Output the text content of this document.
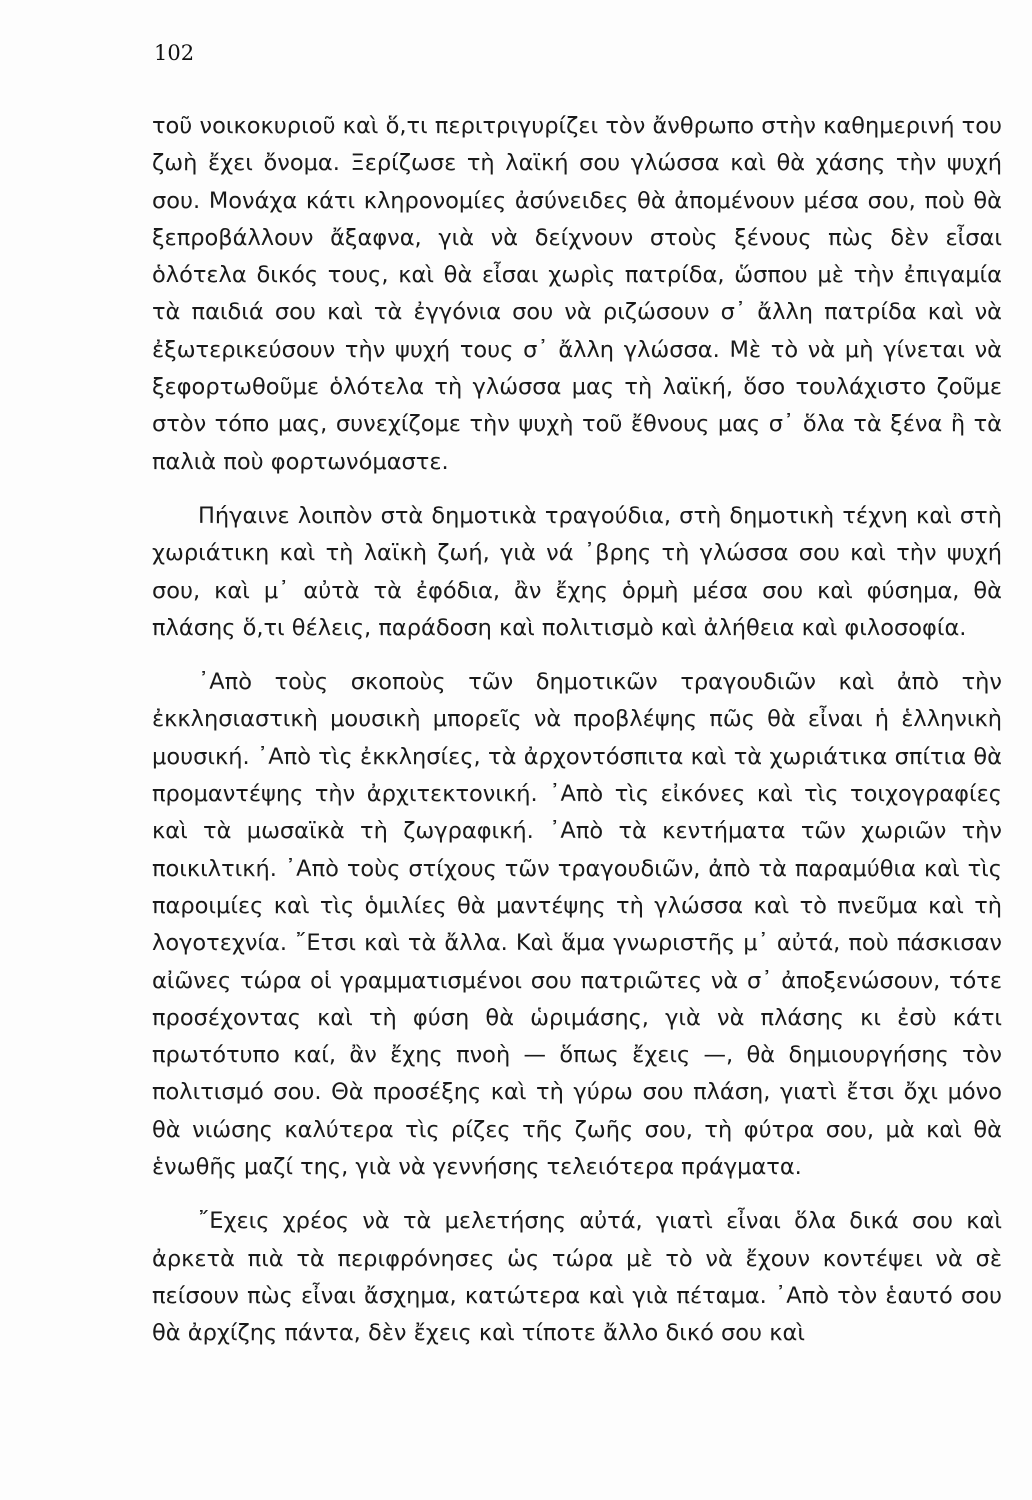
102

τοῦ νοικοκυριοῦ καὶ ὅ,τι περιτριγυρίζει τὸν ἄνθρωπο στὴν καθημερινή του ζωὴ ἔχει ὄνομα. Ξερίζωσε τὴ λαϊκή σου γλώσσα καὶ θὰ χάσης τὴν ψυχή σου. Μονάχα κάτι κληρονομίες ἀσύνειδες θὰ ἀπομένουν μέσα σου, ποὺ θὰ ξεπροβάλλουν ἄξαφνα, γιὰ νὰ δείχνουν στοὺς ξένους πὼς δὲν εἶσαι ὁλότελα δικός τους, καὶ θὰ εἶσαι χωρὶς πατρίδα, ὥσπου μὲ τὴν ἐπιγαμία τὰ παιδιά σου καὶ τὰ ἐγγόνια σου νὰ ριζώσουν σ᾽ ἄλλη πατρίδα καὶ νὰ ἐξωτερικεύσουν τὴν ψυχή τους σ᾽ ἄλλη γλώσσα. Μὲ τὸ νὰ μὴ γίνεται νὰ ξεφορτωθοῦμε ὁλότελα τὴ γλώσσα μας τὴ λαϊκή, ὅσο τουλάχιστο ζοῦμε στὸν τόπο μας, συνεχίζομε τὴν ψυχὴ τοῦ ἔθνους μας σ᾽ ὅλα τὰ ξένα ἢ τὰ παλιὰ ποὺ φορτωνόμαστε.

Πήγαινε λοιπὸν στὰ δημοτικὰ τραγούδια, στὴ δημοτικὴ τέχνη καὶ στὴ χωριάτικη καὶ τὴ λαϊκὴ ζωή, γιὰ νά ᾽βρης τὴ γλώσσα σου καὶ τὴν ψυχή σου, καὶ μ᾽ αὐτὰ τὰ ἐφόδια, ἂν ἔχης ὁρμὴ μέσα σου καὶ φύσημα, θὰ πλάσης ὅ,τι θέλεις, παράδοση καὶ πολιτισμὸ καὶ ἀλήθεια καὶ φιλοσοφία.

᾽Απὸ τοὺς σκοποὺς τῶν δημοτικῶν τραγουδιῶν καὶ ἀπὸ τὴν ἐκκλησιαστικὴ μουσικὴ μπορεῖς νὰ προβλέψης πῶς θὰ εἶναι ἡ ἑλληνικὴ μουσική. ᾽Απὸ τὶς ἐκκλησίες, τὰ ἀρχοντόσπιτα καὶ τὰ χωριάτικα σπίτια θὰ προμαντέψης τὴν ἀρχιτεκτονική. ᾽Απὸ τὶς εἰκόνες καὶ τὶς τοιχογραφίες καὶ τὰ μωσαϊκὰ τὴ ζωγραφική. ᾽Απὸ τὰ κεντήματα τῶν χωριῶν τὴν ποικιλτική. ᾽Απὸ τοὺς στίχους τῶν τραγουδιῶν, ἀπὸ τὰ παραμύθια καὶ τὶς παροιμίες καὶ τὶς ὁμιλίες θὰ μαντέψης τὴ γλώσσα καὶ τὸ πνεῦμα καὶ τὴ λογοτεχνία. ῎Ετσι καὶ τὰ ἄλλα. Καὶ ἅμα γνωριστῆς μ᾽ αὐτά, ποὺ πάσκισαν αἰῶνες τώρα οἱ γραμματισμένοι σου πατριῶτες νὰ σ᾽ ἀποξενώσουν, τότε προσέχοντας καὶ τὴ φύση θὰ ὡριμάσης, γιὰ νὰ πλάσης κι ἐσὺ κάτι πρωτότυπο καί, ἂν ἔχης πνοὴ — ὅπως ἔχεις —, θὰ δημιουργήσης τὸν πολιτισμό σου. Θὰ προσέξης καὶ τὴ γύρω σου πλάση, γιατὶ ἔτσι ὄχι μόνο θὰ νιώσης καλύτερα τὶς ρίζες τῆς ζωῆς σου, τὴ φύτρα σου, μὰ καὶ θὰ ἑνωθῆς μαζί της, γιὰ νὰ γεννήσης τελειότερα πράγματα.

῎Εχεις χρέος νὰ τὰ μελετήσης αὐτά, γιατὶ εἶναι ὅλα δικά σου καὶ ἀρκετὰ πιὰ τὰ περιφρόνησες ὡς τώρα μὲ τὸ νὰ ἔχουν κοντέψει νὰ σὲ πείσουν πὼς εἶναι ἄσχημα, κατώτερα καὶ γιὰ πέταμα. ᾽Απὸ τὸν ἑαυτό σου θὰ ἀρχίζης πάντα, δὲν ἔχεις καὶ τίποτε ἄλλο δικό σου καὶ
